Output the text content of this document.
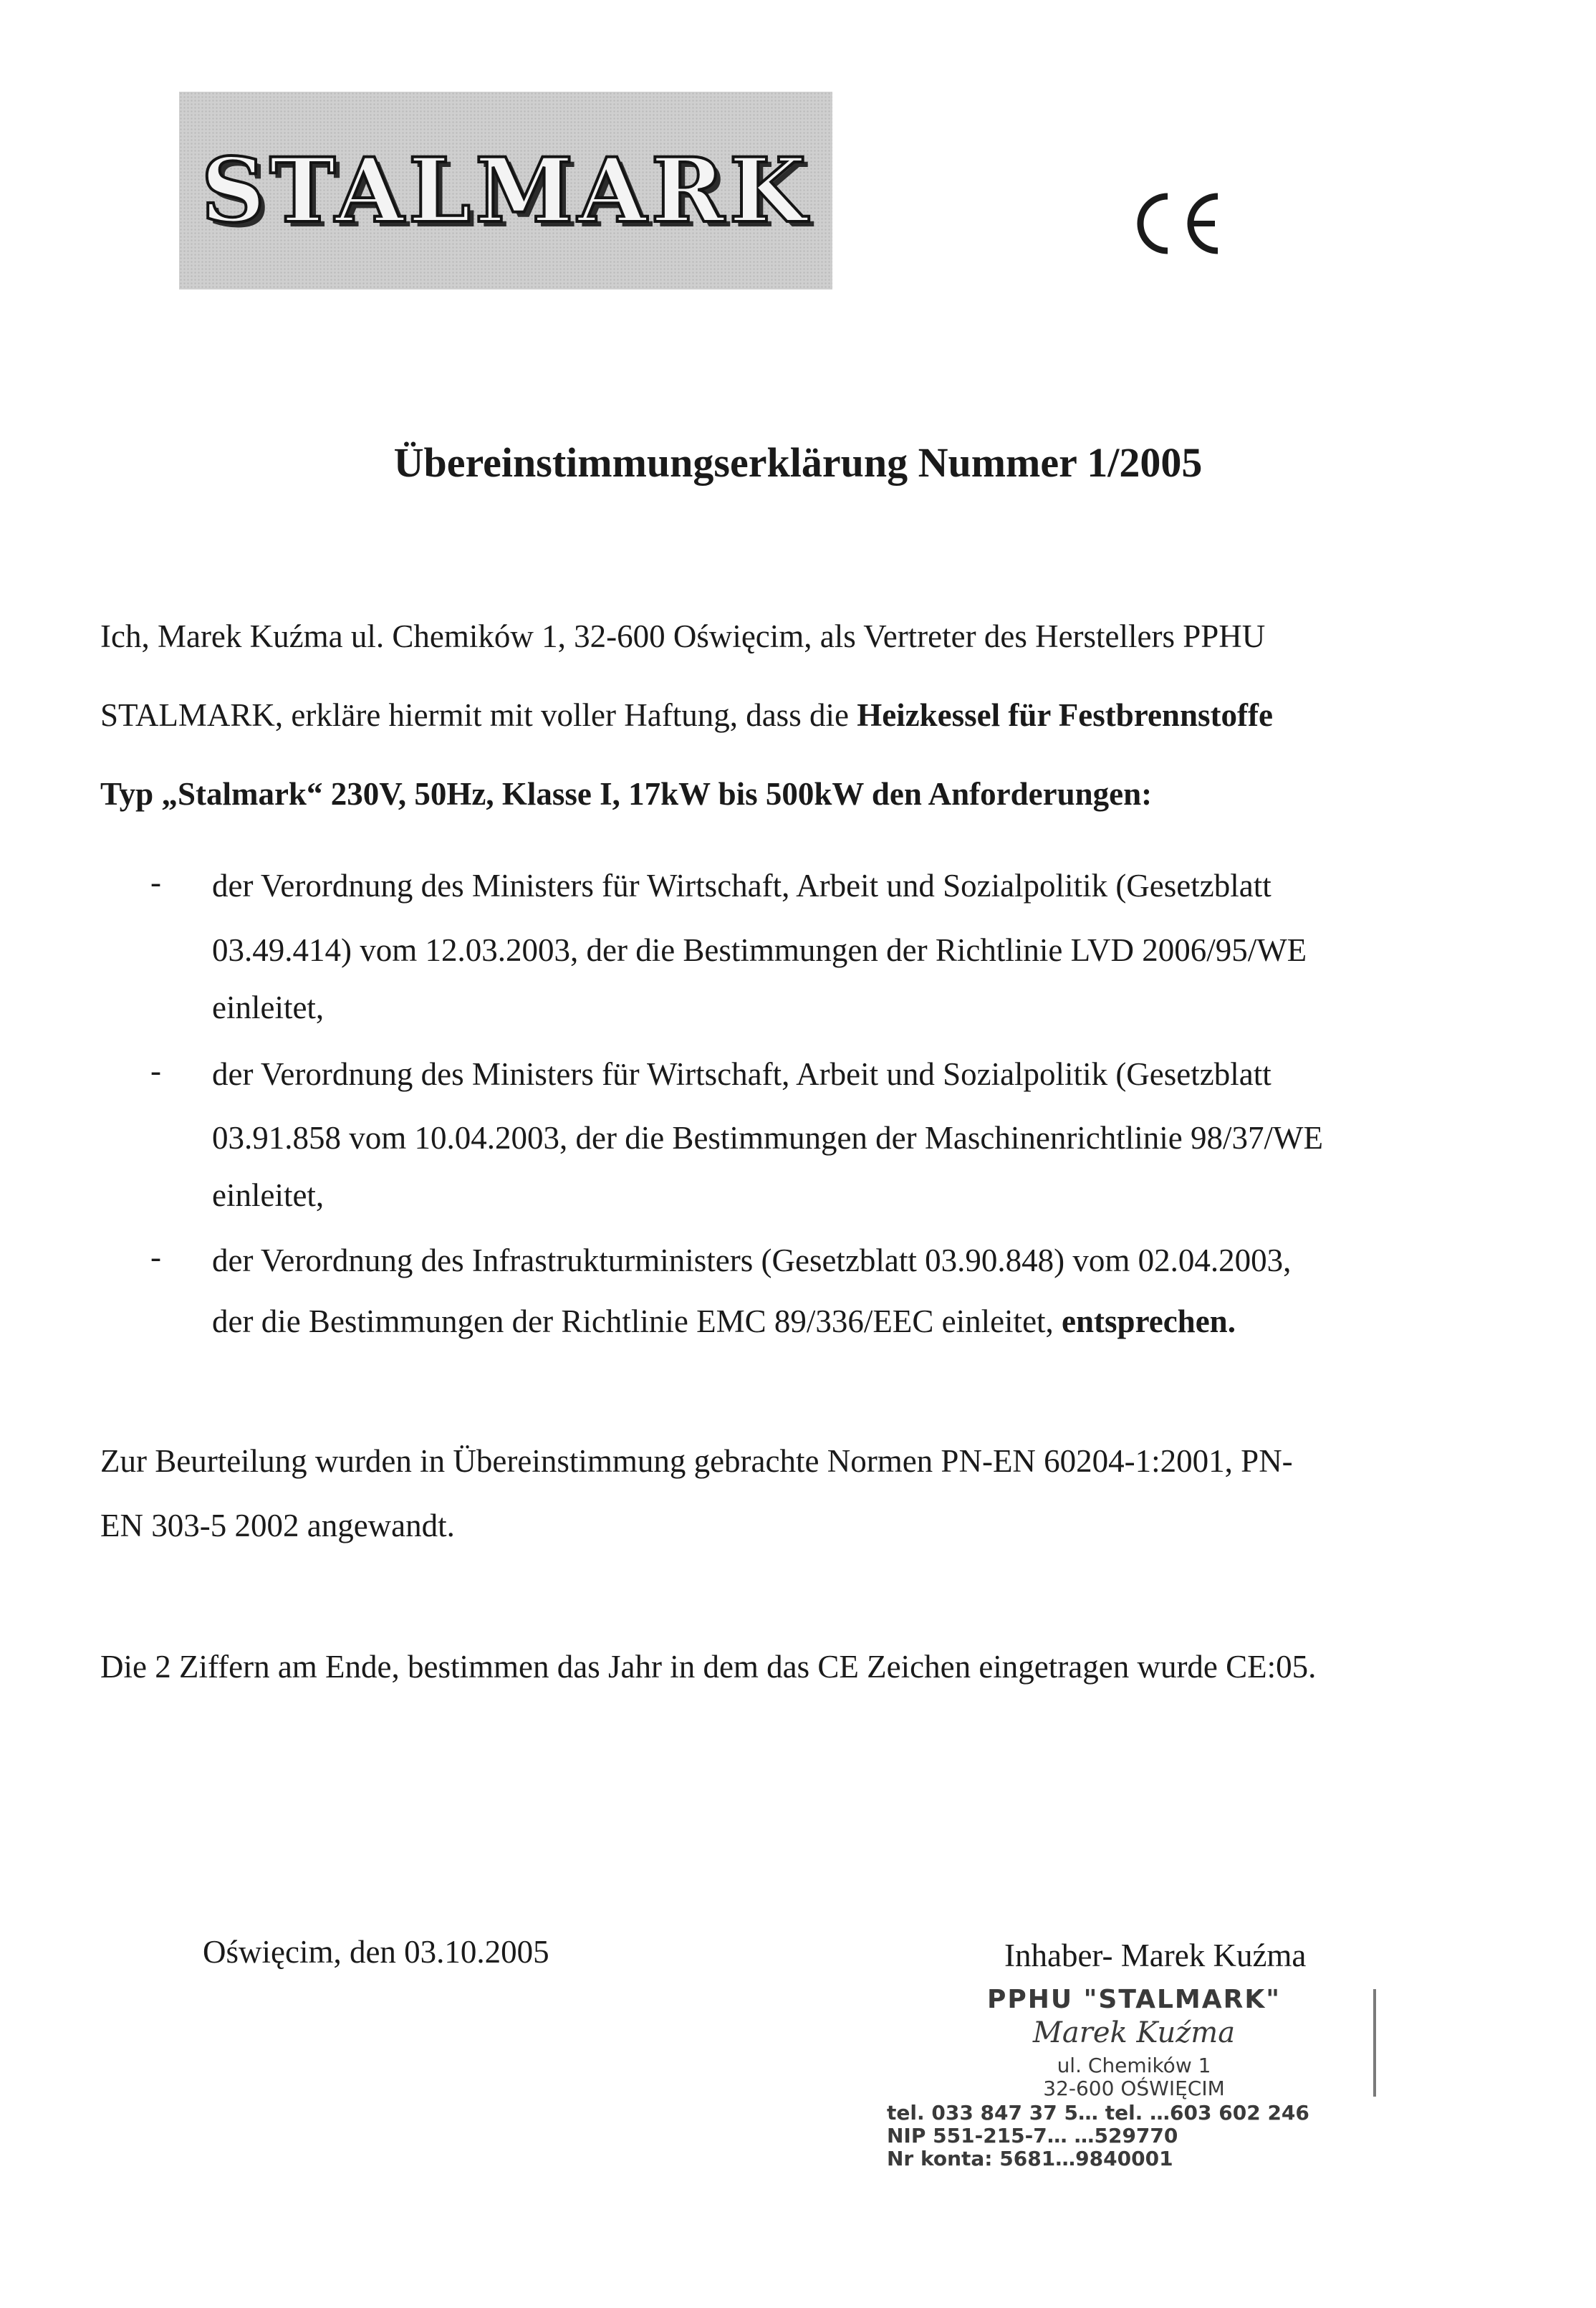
STALMARK
Übereinstimmungserklärung Nummer 1/2005
Ich, Marek Kuźma ul. Chemików 1, 32-600 Oświęcim, als Vertreter des Herstellers PPHU
STALMARK, erkläre hiermit mit voller Haftung, dass die Heizkessel für Festbrennstoffe
Typ „Stalmark“ 230V, 50Hz, Klasse I, 17kW bis 500kW den Anforderungen:
- der Verordnung des Ministers für Wirtschaft, Arbeit und Sozialpolitik (Gesetzblatt
03.49.414) vom 12.03.2003, der die Bestimmungen der Richtlinie LVD 2006/95/WE
einleitet,
- der Verordnung des Ministers für Wirtschaft, Arbeit und Sozialpolitik (Gesetzblatt
03.91.858 vom 10.04.2003, der die Bestimmungen der Maschinenrichtlinie 98/37/WE
einleitet,
- der Verordnung des Infrastrukturministers (Gesetzblatt 03.90.848) vom 02.04.2003,
der die Bestimmungen der Richtlinie EMC 89/336/EEC einleitet, entsprechen.
Zur Beurteilung wurden in Übereinstimmung gebrachte Normen PN-EN 60204-1:2001, PN-
EN 303-5 2002 angewandt.
Die 2 Ziffern am Ende, bestimmen das Jahr in dem das CE Zeichen eingetragen wurde CE:05.
Oświęcim, den 03.10.2005	Inhaber- Marek Kuźma
PPHU "STALMARK"
Marek Kuźma
ul. Chemików 1
32-600 OŚWIĘCIM
tel. 033 847 37 5… tel. …603 602 246
NIP 551-215-7… …529770
Nr konta: 5681…9840001
